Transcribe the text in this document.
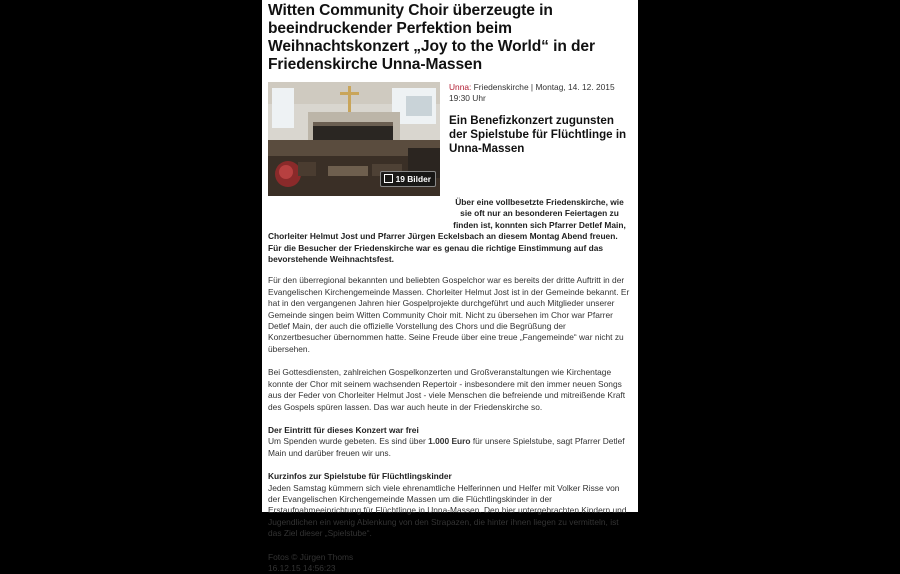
Witten Community Choir überzeugte in beeindruckender Perfektion beim Weihnachtskonzert „Joy to the World“ in der Friedenskirche Unna-Massen
19 Bilder
Unna: Friedenskirche | Montag, 14. 12. 2015 19:30 Uhr
Ein Benefizkonzert zugunsten der Spielstube für Flüchtlinge in Unna-Massen
Über eine vollbesetzte Friedenskirche, wie sie oft nur an besonderen Feiertagen zu finden ist, konnten sich Pfarrer Detlef Main,
Chorleiter Helmut Jost und Pfarrer Jürgen Eckelsbach an diesem Montag Abend freuen. Für die Besucher der Friedenskirche war es genau die richtige Einstimmung auf das bevorstehende Weihnachtsfest.

Für den überregional bekannten und beliebten Gospelchor war es bereits der dritte Auftritt in der Evangelischen Kirchengemeinde Massen. Chorleiter Helmut Jost ist in der Gemeinde bekannt. Er hat in den vergangenen Jahren hier Gospelprojekte durchgeführt und auch Mitglieder unserer Gemeinde singen beim Witten Community Choir mit. Nicht zu übersehen im Chor war Pfarrer Detlef Main, der auch die offizielle Vorstellung des Chors und die Begrüßung der Konzertbesucher übernommen hatte. Seine Freude über eine treue „Fangemeinde“ war nicht zu übersehen.

Bei Gottesdiensten, zahlreichen Gospelkonzerten und Großveranstaltungen wie Kirchentage konnte der Chor mit seinem wachsenden Repertoir - insbesondere mit den immer neuen Songs aus der Feder von Chorleiter Helmut Jost - viele Menschen die befreiende und mitreißende Kraft des Gospels spüren lassen. Das war auch heute in der Friedenskirche so.

Der Eintritt für dieses Konzert war frei
Um Spenden wurde gebeten. Es sind über 1.000 Euro für unsere Spielstube, sagt Pfarrer Detlef Main und darüber freuen wir uns.

Kurzinfos zur Spielstube für Flüchtlingskinder
Jeden Samstag kümmern sich viele ehrenamtliche Helferinnen und Helfer mit Volker Risse von der Evangelischen Kirchengemeinde Massen um die Flüchtlingskinder in der Erstaufnahmeeinrichtung für Flüchtlinge in Unna-Massen. Den hier untergebrachten Kindern und Jugendlichen ein wenig Ablenkung von den Strapazen, die hinter ihnen liegen zu vermitteln, ist das Ziel dieser „Spielstube“.

Fotos © Jürgen Thoms
16.12.15 14:56:23
